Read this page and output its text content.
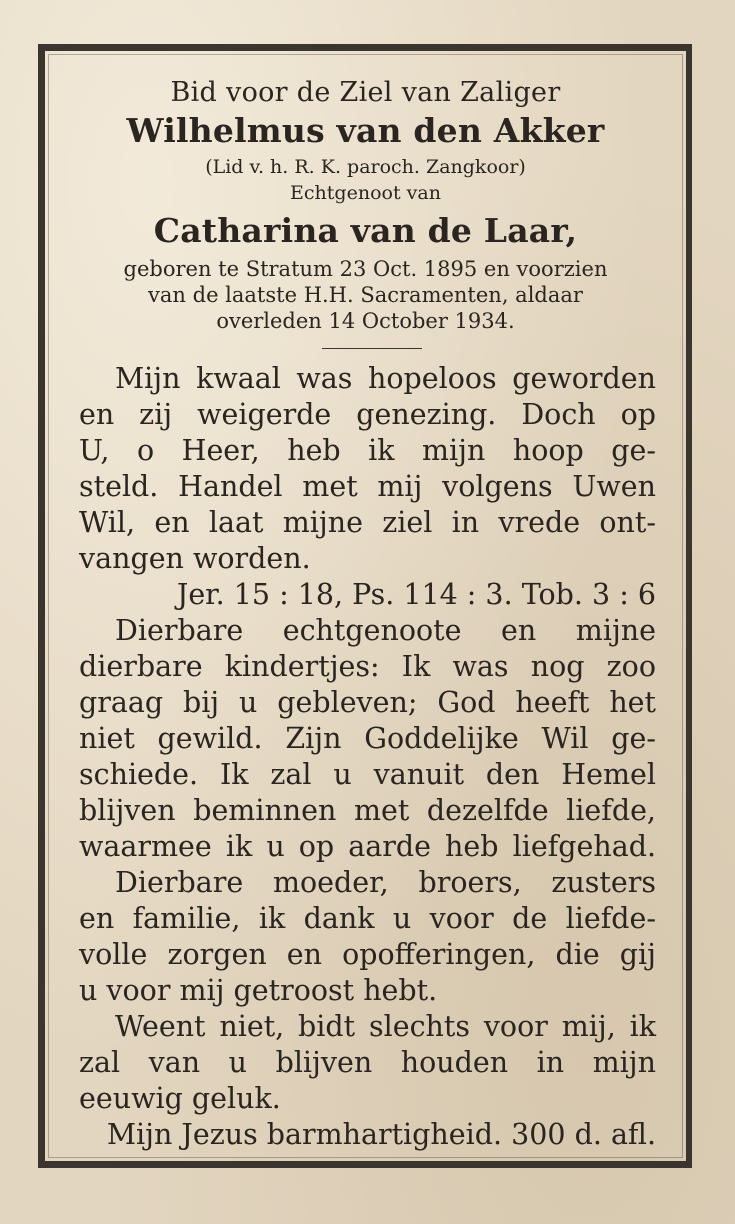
Bid voor de Ziel van Zaliger
Wilhelmus van den Akker
(Lid v. h. R. K. paroch. Zangkoor)
Echtgenoot van
Catharina van de Laar,
geboren te Stratum 23 Oct. 1895 en voorzien
van de laatste H.H. Sacramenten, aldaar
overleden 14 October 1934.
Mijn kwaal was hopeloos geworden
en zij weigerde genezing. Doch op
U, o Heer, heb ik mijn hoop ge-
steld. Handel met mij volgens Uwen
Wil, en laat mijne ziel in vrede ont-
vangen worden.
Jer. 15 : 18, Ps. 114 : 3. Tob. 3 : 6
Dierbare echtgenoote en mijne
dierbare kindertjes: Ik was nog zoo
graag bij u gebleven; God heeft het
niet gewild. Zijn Goddelijke Wil ge-
schiede. Ik zal u vanuit den Hemel
blijven beminnen met dezelfde liefde,
waarmee ik u op aarde heb liefgehad.
Dierbare moeder, broers, zusters
en familie, ik dank u voor de liefde-
volle zorgen en opofferingen, die gij
u voor mij getroost hebt.
Weent niet, bidt slechts voor mij, ik
zal van u blijven houden in mijn
eeuwig geluk.
Mijn Jezus barmhartigheid. 300 d. afl.
